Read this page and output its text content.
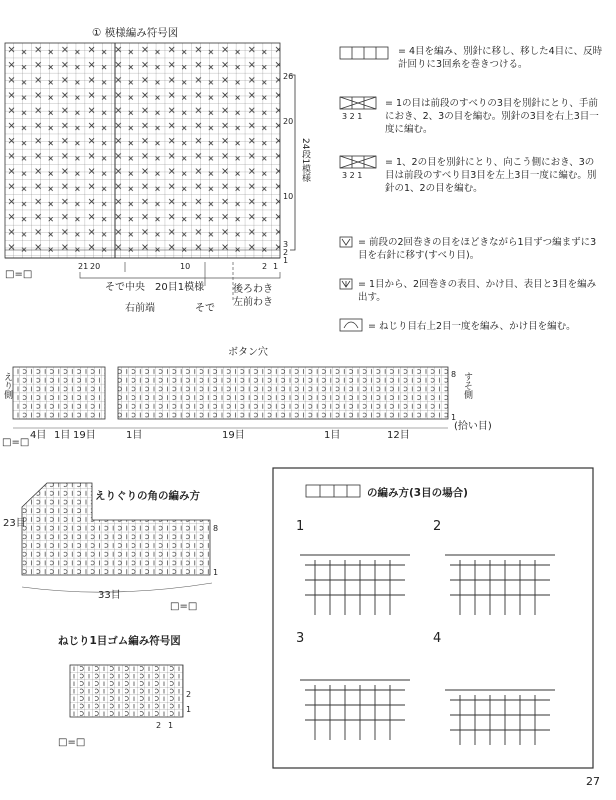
① 模様編み符号図
26
20
10
3
2
1
24段1模様
21 20	10	2 1
□=□
そで中央 20目1模様
右前端	そで
後ろわき
左前わき
= 4目を編み、別針に移し、移した4目に、反時計回りに3回糸を巻きつける。
= 1の目は前段のすべりの3目を別針にとり、手前におき、2、3の目を編む。別針の3目を右上3目一度に編む。
3 2 1
= 1、2の目を別針にとり、向こう側におき、3の目は前段のすべり目3目を左上3目一度に編む。別針の1、2の目を編む。
3 2 1
= 前段の2回巻きの目をほどきながら1目ずつ編まずに3目を右針に移す(すべり目)。
= 1目から、2回巻きの表目、かけ目、表目と3目を編み出す。
= ねじり目右上2目一度を編み、かけ目を編む。
ボタン穴
えり側	すそ側
8
1
4目 1目 19目	1目	19目	1目	12目
(拾い目)
□=□
えりぐりの角の編み方
23目
33目
8
1
□=□
ねじり1目ゴム編み符号図
2
1
2 1
□=□
の編み方(3目の場合)
1	2
3	4
27
